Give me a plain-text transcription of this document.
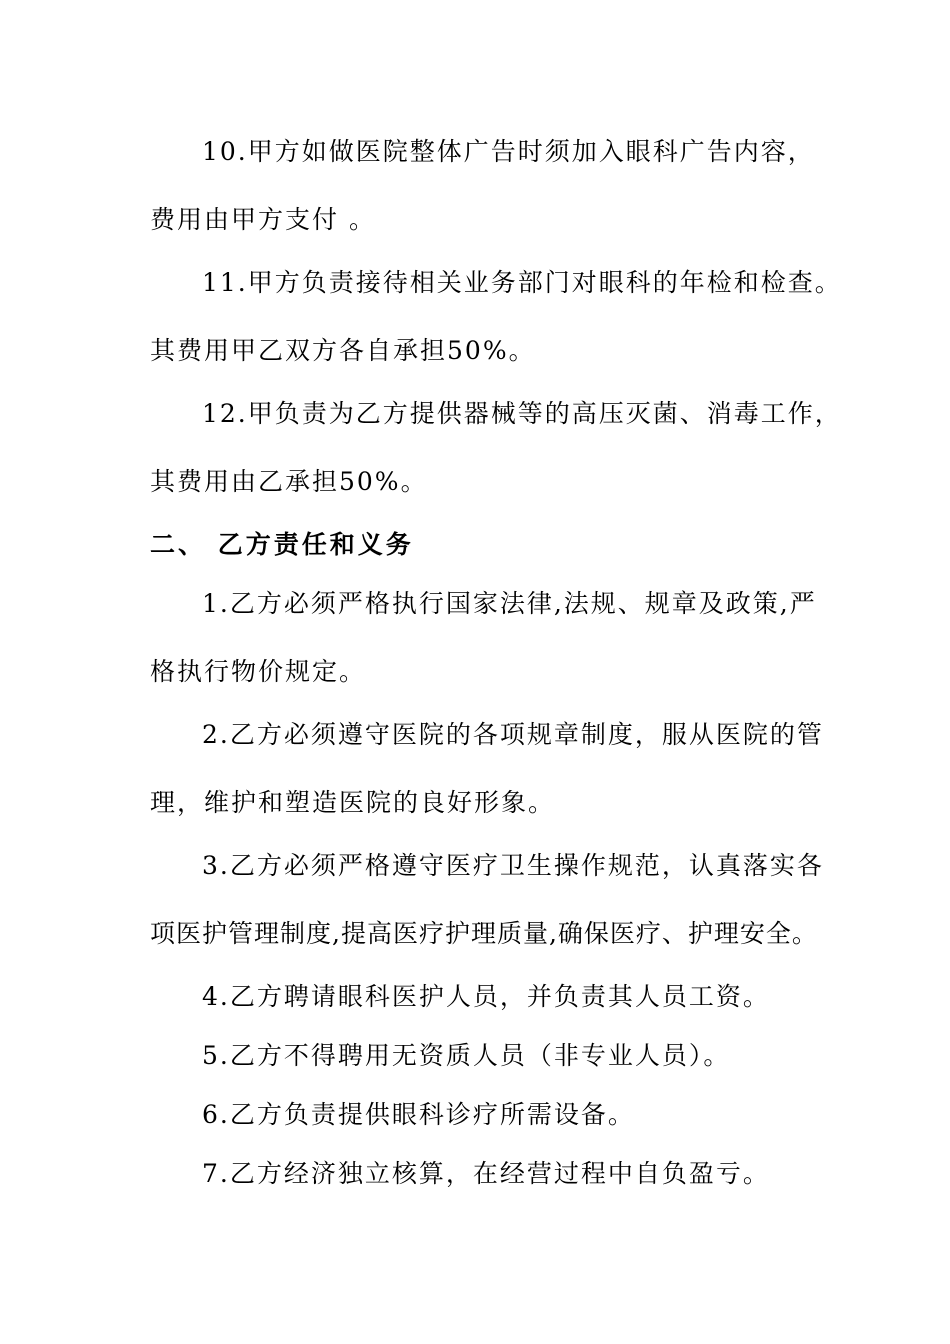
10.甲方如做医院整体广告时须加入眼科广告内容，
费用由甲方支付 。
11.甲方负责接待相关业务部门对眼科的年检和检查。
其费用甲乙双方各自承担50%。
12.甲负责为乙方提供器械等的高压灭菌、消毒工作，
其费用由乙承担50%。
二、 乙方责任和义务
1.乙方必须严格执行国家法律,法规、规章及政策,严
格执行物价规定。
2.乙方必须遵守医院的各项规章制度，服从医院的管
理，维护和塑造医院的良好形象。
3.乙方必须严格遵守医疗卫生操作规范，认真落实各
项医护管理制度,提高医疗护理质量,确保医疗、护理安全。
4.乙方聘请眼科医护人员，并负责其人员工资。
5.乙方不得聘用无资质人员（非专业人员）。
6.乙方负责提供眼科诊疗所需设备。
7.乙方经济独立核算，在经营过程中自负盈亏。
